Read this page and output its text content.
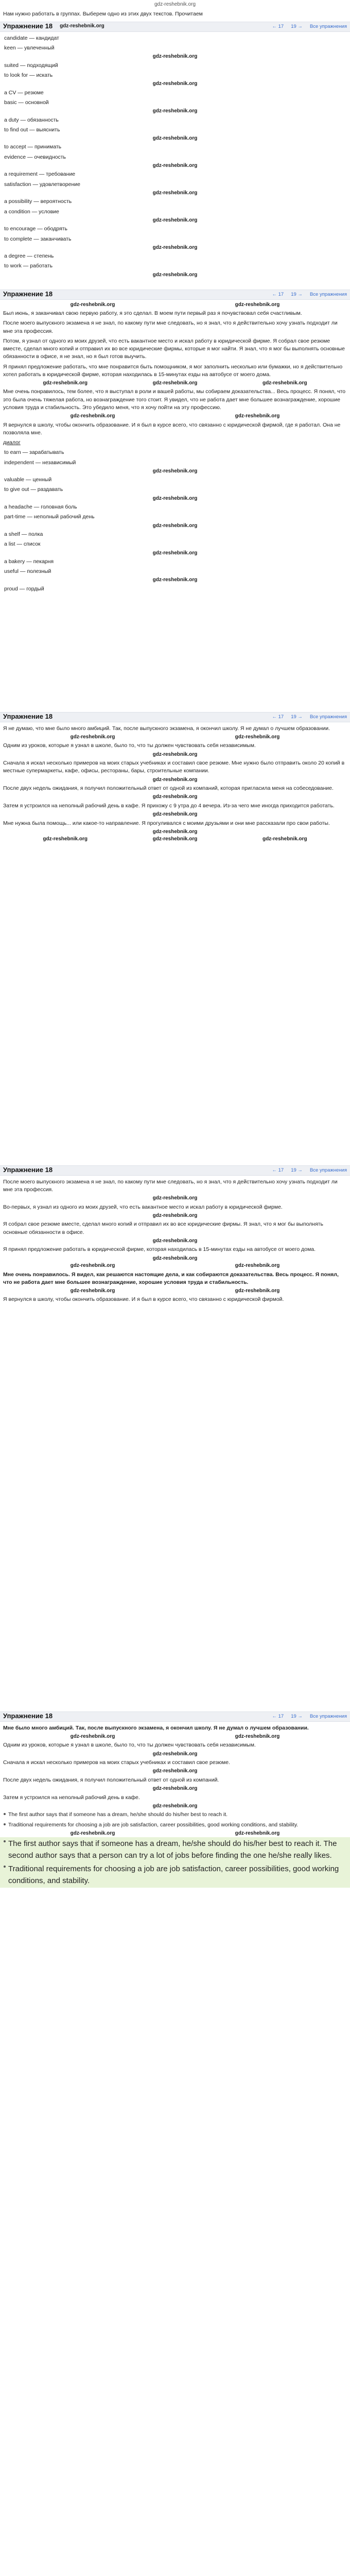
gdz-reshebnik.org
Нам нужно работать в группах. Выберем одно из этих двух текстов. Прочитаем
Упражнение 18 gdz-reshebnik.org	← 17 19 → Все упражнения
candidate — кандидат
keen — увлеченный
gdz-reshebnik.org
suited — подходящий
to look for — искать
gdz-reshebnik.org
a CV — резюме
basic — основной
gdz-reshebnik.org
a duty — обязанность
to find out — выяснить
gdz-reshebnik.org
to accept — принимать
evidence — очевидность
gdz-reshebnik.org
a requirement — требование
satisfaction — удовлетворение
gdz-reshebnik.org
a possibility — вероятность
a condition — условие
gdz-reshebnik.org
to encourage — ободрять
to complete — заканчивать
gdz-reshebnik.org
a degree — степень
to work — работать
gdz-reshebnik.org
Упражнение 18	← 17 19 → Все упражнения
gdz-reshebnik.org	gdz-reshebnik.org
Был июнь, я заканчивал свою первую работу, я это сделал. В моем пути первый раз я почувствовал себя счастливым.
После моего выпускного экзамена я не знал, по какому пути мне следовать, но я знал, что я действительно хочу узнать подходит ли мне эта профессия.
Потом, я узнал от одного из моих друзей, что есть вакантное место и искал работу в юридической фирме. Я собрал свое резюме вместе, сделал много копий и отправил их во все юридические фирмы, которые я мог найти. Я знал, что я мог бы выполнять основные обязанности в офисе, я не знал, но я был готов выучить.
Я принял предложение работать, что мне понравится быть помощником, я мог заполнить несколько или бумажки, но я действительно хотел работать в юридической фирме, которая находилась в 15-минутах езды на автобусе от моего дома.
gdz-reshebnik.org	gdz-reshebnik.org	gdz-reshebnik.org
Мне очень понравилось, тем более, что я выступал в роли и вашей работы, мы собираем доказательства... Весь процесс. Я понял, что это была очень тяжелая работа, но вознаграждение того стоит. Я увидел, что не работа дает мне большее вознаграждение, хорошие условия труда и стабильность. Это убедило меня, что я хочу пойти на эту профессию.
gdz-reshebnik.org	gdz-reshebnik.org
Я вернулся в школу, чтобы окончить образование. И я был в курсе всего, что связанно с юридической фирмой, где я работал. Она не позволяла мне.
диалог
to earn — зарабатывать
independent — независимый
gdz-reshebnik.org
valuable — ценный
to give out — раздавать
gdz-reshebnik.org
a headache — головная боль
part-time — неполный рабочий день
gdz-reshebnik.org
a shelf — полка
a list — список
gdz-reshebnik.org
a bakery — пекарня
useful — полезный
gdz-reshebnik.org
proud — гордый
Упражнение 18	← 17 19 → Все упражнения
Я не думаю, что мне было много амбиций. Так, после выпускного экзамена, я окончил школу. Я не думал о лучшем образовании.
gdz-reshebnik.org	gdz-reshebnik.org
Одним из уроков, которые я узнал в школе, было то, что ты должен чувствовать себя независимым.
gdz-reshebnik.org
Сначала я искал несколько примеров на моих старых учебниках и составил свое резюме. Мне нужно было отправить около 20 копий в местные супермаркеты, кафе, офисы, рестораны, бары, строительные компании.
gdz-reshebnik.org
После двух недель ожидания, я получил положительный ответ от одной из компаний, которая пригласила меня на собеседование.
gdz-reshebnik.org
Затем я устроился на неполный рабочий день в кафе. Я прихожу с 9 утра до 4 вечера. Из-за чего мне иногда приходится работать.
gdz-reshebnik.org
Мне нужна была помощь... или какое-то направление. Я прогуливался с моими друзьями и они мне рассказали про свои работы.
gdz-reshebnik.org
gdz-reshebnik.org	gdz-reshebnik.org	gdz-reshebnik.org
Упражнение 18	← 17 19 → Все упражнения
После моего выпускного экзамена я не знал, по какому пути мне следовать, но я знал, что я действительно хочу узнать подходит ли мне эта профессия.
gdz-reshebnik.org
Во-первых, я узнал из одного из моих друзей, что есть вакантное место и искал работу в юридической фирме.
gdz-reshebnik.org
Я собрал свое резюме вместе, сделал много копий и отправил их во все юридические фирмы. Я знал, что я мог бы выполнять основные обязанности в офисе.
gdz-reshebnik.org
Я принял предложение работать в юридической фирме, которая находилась в 15-минутах езды на автобусе от моего дома.
gdz-reshebnik.org
gdz-reshebnik.org	gdz-reshebnik.org
Мне очень понравилось. Я видел, как решаются настоящие дела, и как собираются доказательства. Весь процесс. Я понял, что не работа дает мне большее вознаграждение, хорошие условия труда и стабильность.
gdz-reshebnik.org	gdz-reshebnik.org
Я вернулся в школу, чтобы окончить образование. И я был в курсе всего, что связанно с юридической фирмой.
Упражнение 18	← 17 19 → Все упражнения
Мне было много амбиций. Так, после выпускного экзамена, я окончил школу. Я не думал о лучшем образовании.
gdz-reshebnik.org	gdz-reshebnik.org
Одним из уроков, которые я узнал в школе, было то, что ты должен чувствовать себя независимым.
gdz-reshebnik.org
Сначала я искал несколько примеров на моих старых учебниках и составил свое резюме.
gdz-reshebnik.org
После двух недель ожидания, я получил положительный ответ от одной из компаний.
gdz-reshebnik.org
Затем я устроился на неполный рабочий день в кафе.
gdz-reshebnik.org
The first author says that if someone has a dream, he/she should do his/her best to reach it.
Traditional requirements for choosing a job are job satisfaction, career possibilities, good working conditions, and stability.
gdz-reshebnik.org	gdz-reshebnik.org
The first author says that if someone has a dream, he/she should do his/her best to reach it. The second author says that a person can try a lot of jobs before finding the one he/she really likes.
Traditional requirements for choosing a job are job satisfaction, career possibilities, good working conditions, and stability.
